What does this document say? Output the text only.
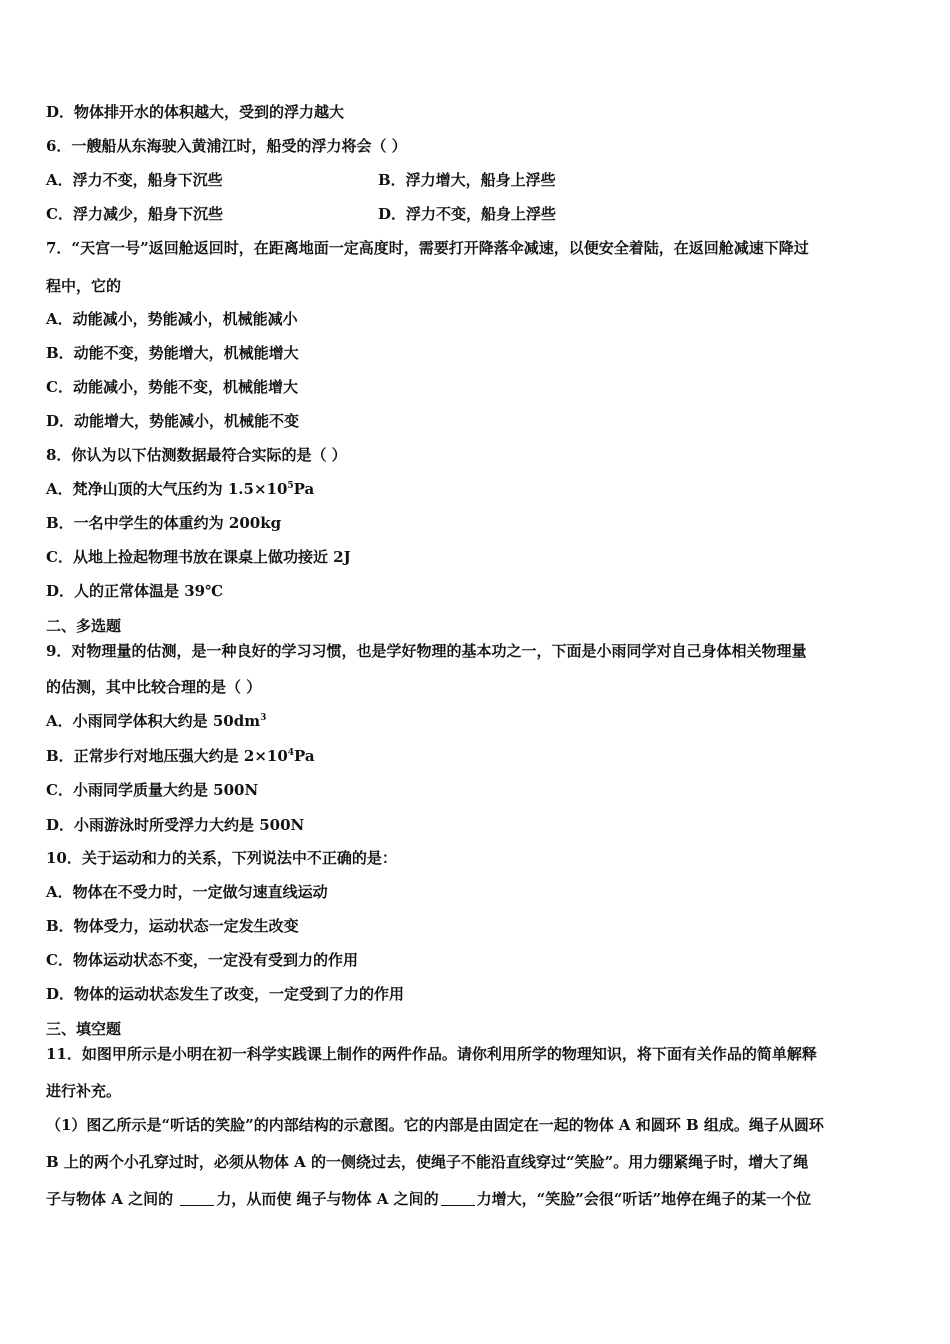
D．物体排开水的体积越大，受到的浮力越大

6．一艘船从东海驶入黄浦江时，船受的浮力将会（ ）

A．浮力不变，船身下沉些	B．浮力增大，船身上浮些

C．浮力减少，船身下沉些	D．浮力不变，船身上浮些

7．“天宫一号”返回舱返回时，在距离地面一定高度时，需要打开降落伞减速，以便安全着陆，在返回舱减速下降过

程中，它的

A．动能减小，势能减小，机械能减小

B．动能不变，势能增大，机械能增大

C．动能减小，势能不变，机械能增大

D．动能增大，势能减小，机械能不变

8．你认为以下估测数据最符合实际的是（ ）

A．梵净山顶的大气压约为 $1.5\times 10^5Pa$

B．一名中学生的体重约为 200kg

C．从地上捡起物理书放在课桌上做功接近 2J

D．人的正常体温是 39℃

二、多选题

9．对物理量的估测，是一种良好的学习习惯，也是学好物理的基本功之一，下面是小雨同学对自己身体相关物理量

的估测，其中比较合理的是（ ）

A．小雨同学体积大约是 $50dm^3$

B．正常步行对地压强大约是 $2\times 10^4Pa$

C．小雨同学质量大约是 500N

D．小雨游泳时所受浮力大约是 500N

10．关于运动和力的关系，下列说法中不正确的是：

A．物体在不受力时，一定做匀速直线运动

B．物体受力，运动状态一定发生改变

C．物体运动状态不变，一定没有受到力的作用

D．物体的运动状态发生了改变，一定受到了力的作用

三、填空题

11．如图甲所示是小明在初一科学实践课上制作的两件作品。请你利用所学的物理知识，将下面有关作品的简单解释

进行补充。

（1）图乙所示是“听话的笑脸”的内部结构的示意图。它的内部是由固定在一起的物体 A 和圆环 B 组成。绳子从圆环

B 上的两个小孔穿过时，必须从物体 A 的一侧绕过去，使绳子不能沿直线穿过“笑脸”。用力绷紧绳子时，增大了绳

子与物体 A 之间的	力，从而使 绳子与物体 A 之间的	力增大，“笑脸”会很“听话”地停在绳子的某一个位
